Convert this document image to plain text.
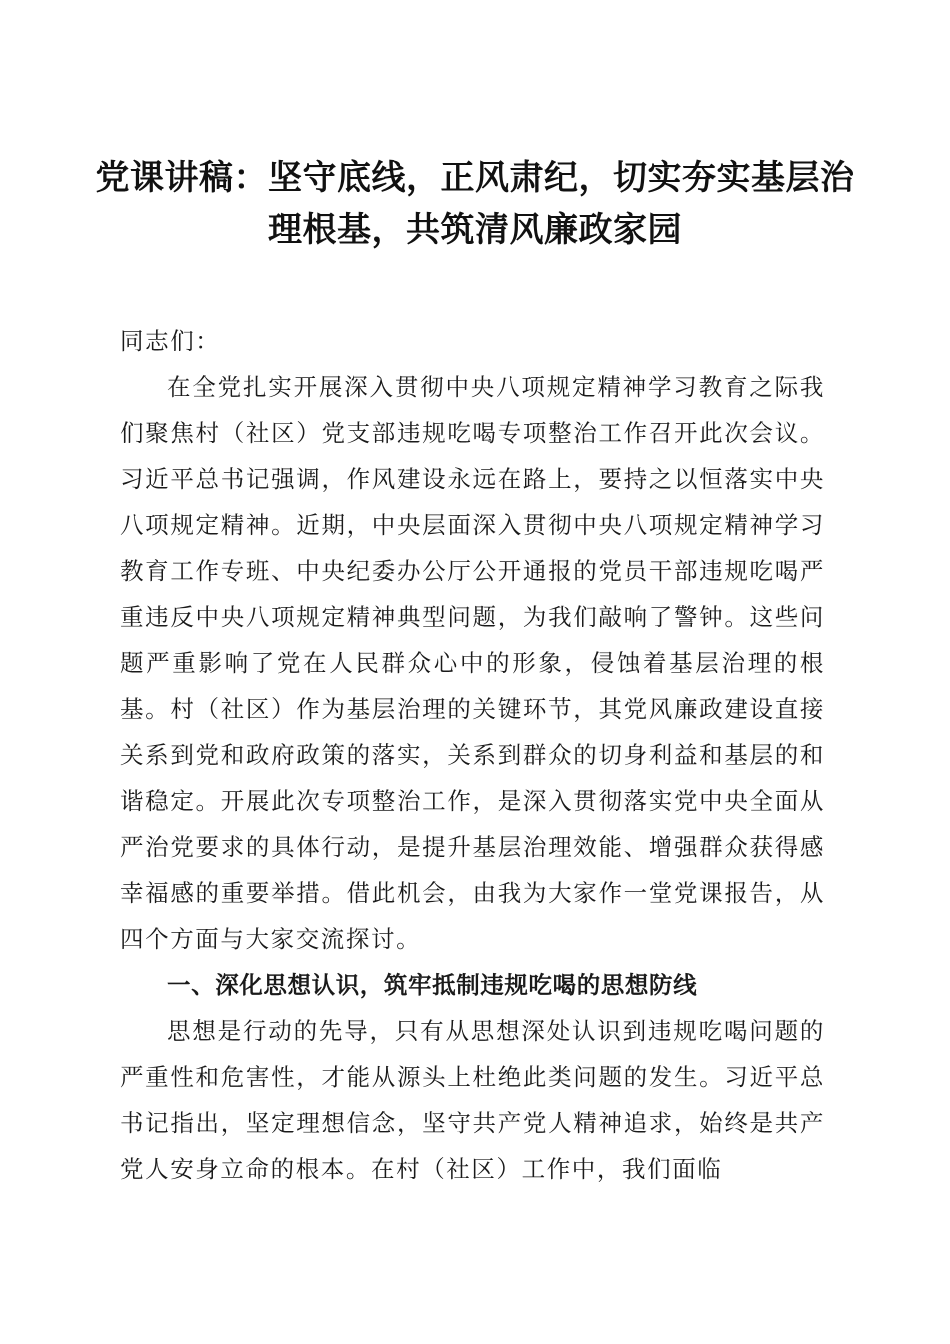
党课讲稿：坚守底线，正风肃纪，切实夯实基层治理根基，共筑清风廉政家园

同志们：

在全党扎实开展深入贯彻中央八项规定精神学习教育之际我们聚焦村（社区）党支部违规吃喝专项整治工作召开此次会议。习近平总书记强调，作风建设永远在路上，要持之以恒落实中央八项规定精神。近期，中央层面深入贯彻中央八项规定精神学习教育工作专班、中央纪委办公厅公开通报的党员干部违规吃喝严重违反中央八项规定精神典型问题，为我们敲响了警钟。这些问题严重影响了党在人民群众心中的形象，侵蚀着基层治理的根基。村（社区）作为基层治理的关键环节，其党风廉政建设直接关系到党和政府政策的落实，关系到群众的切身利益和基层的和谐稳定。开展此次专项整治工作，是深入贯彻落实党中央全面从严治党要求的具体行动，是提升基层治理效能、增强群众获得感幸福感的重要举措。借此机会，由我为大家作一堂党课报告，从四个方面与大家交流探讨。

一、深化思想认识，筑牢抵制违规吃喝的思想防线

思想是行动的先导，只有从思想深处认识到违规吃喝问题的严重性和危害性，才能从源头上杜绝此类问题的发生。习近平总书记指出，坚定理想信念，坚守共产党人精神追求，始终是共产党人安身立命的根本。在村（社区）工作中，我们面临
